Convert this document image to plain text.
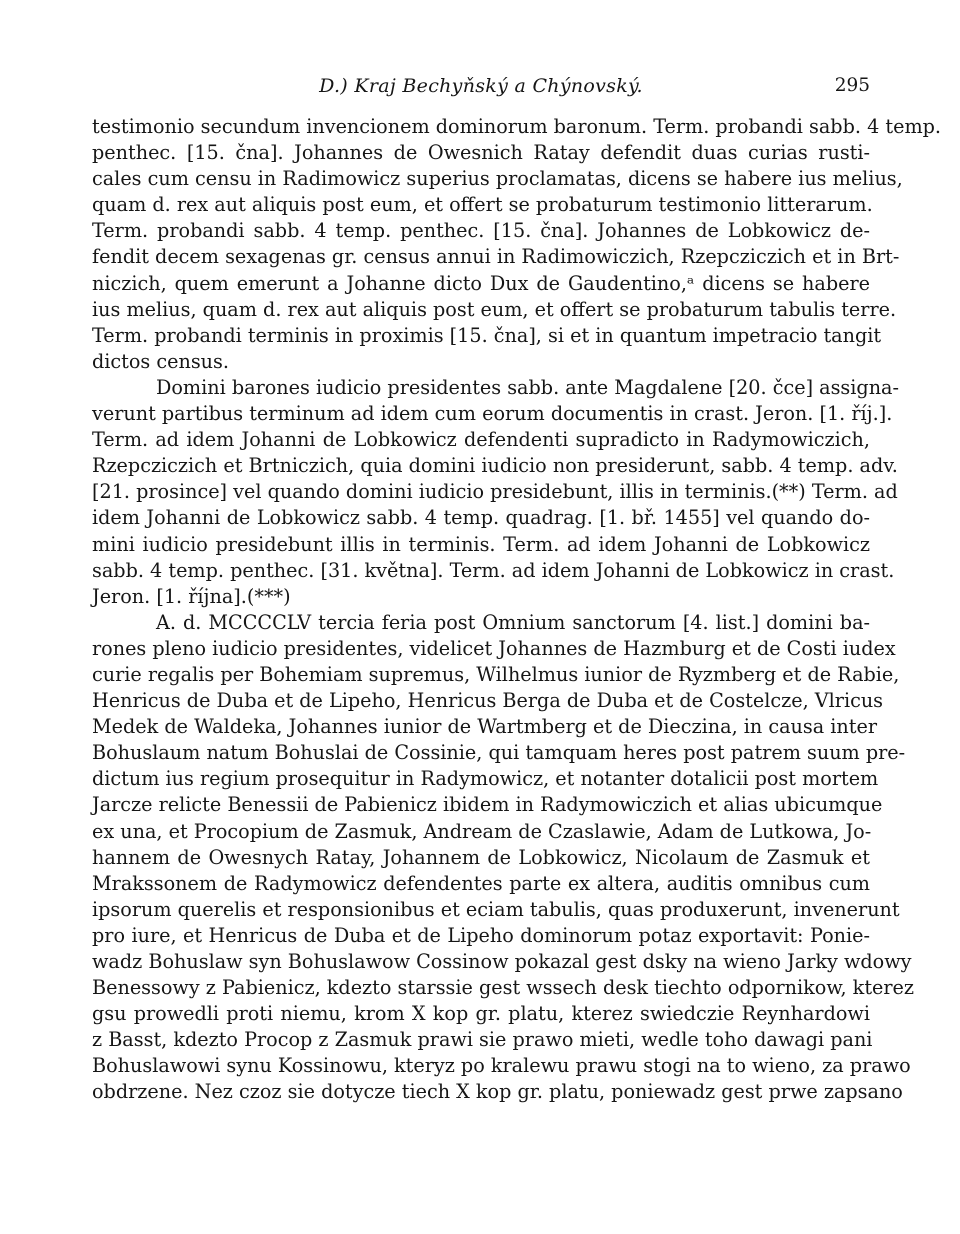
D.) Kraj Bechyňský a Chýnovský.	295
testimonio secundum invencionem dominorum baronum. Term. probandi sabb. 4 temp.
penthec. [15. čna]. Johannes de Owesnich Ratay defendit duas curias rusti-
cales cum censu in Radimowicz superius proclamatas, dicens se habere ius melius,
quam d. rex aut aliquis post eum, et offert se probaturum testimonio litterarum.
Term. probandi sabb. 4 temp. penthec. [15. čna]. Johannes de Lobkowicz de-
fendit decem sexagenas gr. census annui in Radimowiczich, Rzepcziczich et in Brt-
niczich, quem emerunt a Johanne dicto Dux de Gaudentino,ᵃ dicens se habere
ius melius, quam d. rex aut aliquis post eum, et offert se probaturum tabulis terre.
Term. probandi terminis in proximis [15. čna], si et in quantum impetracio tangit
dictos census.
Domini barones iudicio presidentes sabb. ante Magdalene [20. čce] assigna-
verunt partibus terminum ad idem cum eorum documentis in crast. Jeron. [1. říj.].
Term. ad idem Johanni de Lobkowicz defendenti supradicto in Radymowiczich,
Rzepcziczich et Brtniczich, quia domini iudicio non presiderunt, sabb. 4 temp. adv.
[21. prosince] vel quando domini iudicio presidebunt, illis in terminis.(**) Term. ad
idem Johanni de Lobkowicz sabb. 4 temp. quadrag. [1. bř. 1455] vel quando do-
mini iudicio presidebunt illis in terminis. Term. ad idem Johanni de Lobkowicz
sabb. 4 temp. penthec. [31. května]. Term. ad idem Johanni de Lobkowicz in crast.
Jeron. [1. října].(***)
A. d. MCCCCLV tercia feria post Omnium sanctorum [4. list.] domini ba-
rones pleno iudicio presidentes, videlicet Johannes de Hazmburg et de Costi iudex
curie regalis per Bohemiam supremus, Wilhelmus iunior de Ryzmberg et de Rabie,
Henricus de Duba et de Lipeho, Henricus Berga de Duba et de Costelcze, Vlricus
Medek de Waldeka, Johannes iunior de Wartmberg et de Dieczina, in causa inter
Bohuslaum natum Bohuslai de Cossinie, qui tamquam heres post patrem suum pre-
dictum ius regium prosequitur in Radymowicz, et notanter dotalicii post mortem
Jarcze relicte Benessii de Pabienicz ibidem in Radymowiczich et alias ubicumque
ex una, et Procopium de Zasmuk, Andream de Czaslawie, Adam de Lutkowa, Jo-
hannem de Owesnych Ratay, Johannem de Lobkowicz, Nicolaum de Zasmuk et
Mrakssonem de Radymowicz defendentes parte ex altera, auditis omnibus cum
ipsorum querelis et responsionibus et eciam tabulis, quas produxerunt, invenerunt
pro iure, et Henricus de Duba et de Lipeho dominorum potaz exportavit: Ponie-
wadz Bohuslaw syn Bohuslawow Cossinow pokazal gest dsky na wieno Jarky wdowy
Benessowy z Pabienicz, kdezto starssie gest wssech desk tiechto odpornikow, kterez
gsu prowedli proti niemu, krom X kop gr. platu, kterez swiedczie Reynhardowi
z Basst, kdezto Procop z Zasmuk prawi sie prawo mieti, wedle toho dawagi pani
Bohuslawowi synu Kossinowu, kteryz po kralewu prawu stogi na to wieno, za prawo
obdrzene. Nez czoz sie dotycze tiech X kop gr. platu, poniewadz gest prwe zapsano
